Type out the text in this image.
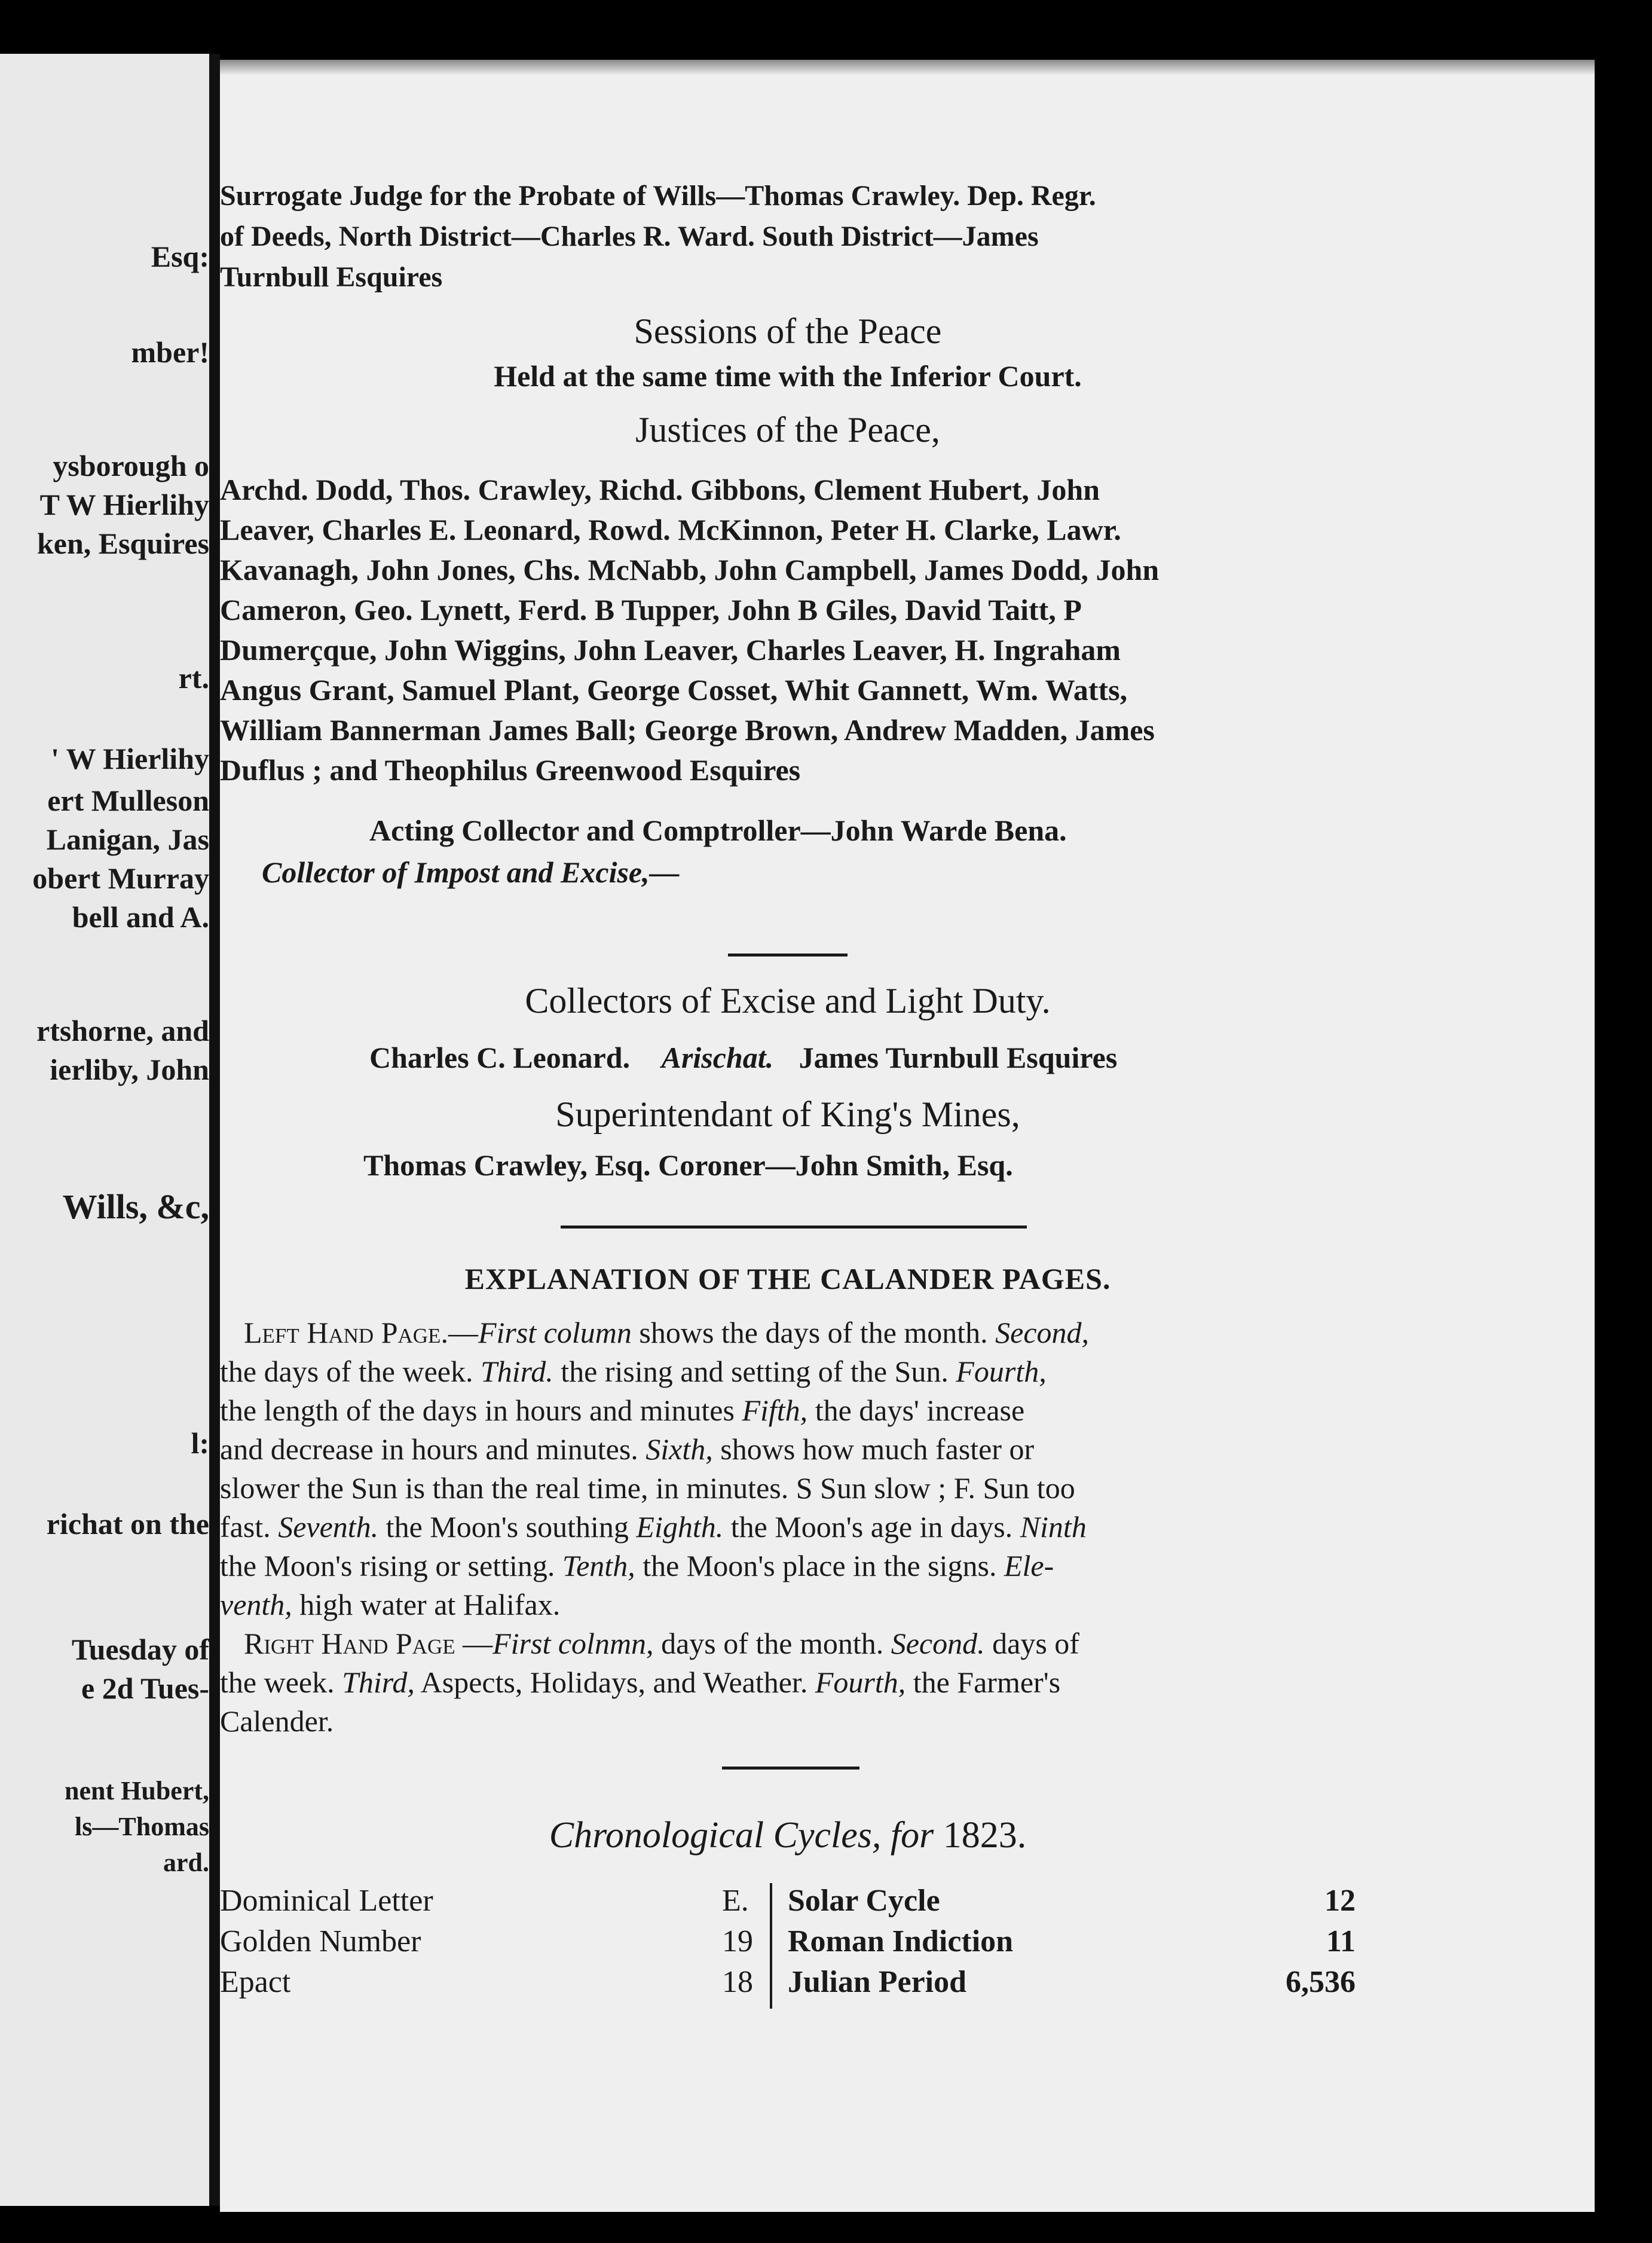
Esq:
mber!
ysborough o
T W Hierlihy
ken, Esquires
rt.
' W Hierlihy
ert Mulleson
Lanigan, Jas
obert Murray
bell and A.
rtshorne, and
ierliby, John
Wills, &c,
l:
richat on the
Tuesday of
e 2d Tues-
nent Hubert,
ls—Thomas
ard.
Surrogate Judge for the Probate of Wills—Thomas Crawley. Dep. Regr.
of Deeds, North District—Charles R. Ward. South District—James
Turnbull Esquires
Sessions of the Peace
Held at the same time with the Inferior Court.
Justices of the Peace,
Archd. Dodd, Thos. Crawley, Richd. Gibbons, Clement Hubert, John
Leaver, Charles E. Leonard, Rowd. McKinnon, Peter H. Clarke, Lawr.
Kavanagh, John Jones, Chs. McNabb, John Campbell, James Dodd, John
Cameron, Geo. Lynett, Ferd. B Tupper, John B Giles, David Taitt, P
Dumerçque, John Wiggins, John Leaver, Charles Leaver, H. Ingraham
Angus Grant, Samuel Plant, George Cosset, Whit Gannett, Wm. Watts,
William Bannerman James Ball; George Brown, Andrew Madden, James
Duflus ; and Theophilus Greenwood Esquires
Acting Collector and Comptroller—John Warde Bena.
Collector of Impost and Excise,—
Collectors of Excise and Light Duty.
Charles C. Leonard. Arischat. James Turnbull Esquires
Superintendant of King's Mines,
Thomas Crawley, Esq. Coroner—John Smith, Esq.
EXPLANATION OF THE CALANDER PAGES.
Left Hand Page.—First column shows the days of the month. Second,
the days of the week. Third. the rising and setting of the Sun. Fourth,
the length of the days in hours and minutes Fifth, the days' increase
and decrease in hours and minutes. Sixth, shows how much faster or
slower the Sun is than the real time, in minutes. S Sun slow ; F. Sun too
fast. Seventh. the Moon's southing Eighth. the Moon's age in days. Ninth
the Moon's rising or setting. Tenth, the Moon's place in the signs. Ele-
venth, high water at Halifax.
Right Hand Page —First colnmn, days of the month. Second. days of
the week. Third, Aspects, Holidays, and Weather. Fourth, the Farmer's
Calender.
Chronological Cycles, for 1823.
Dominical Letter
Golden Number
Epact
E.
19
18
Solar Cycle
Roman Indiction
Julian Period
12
11
6,536
